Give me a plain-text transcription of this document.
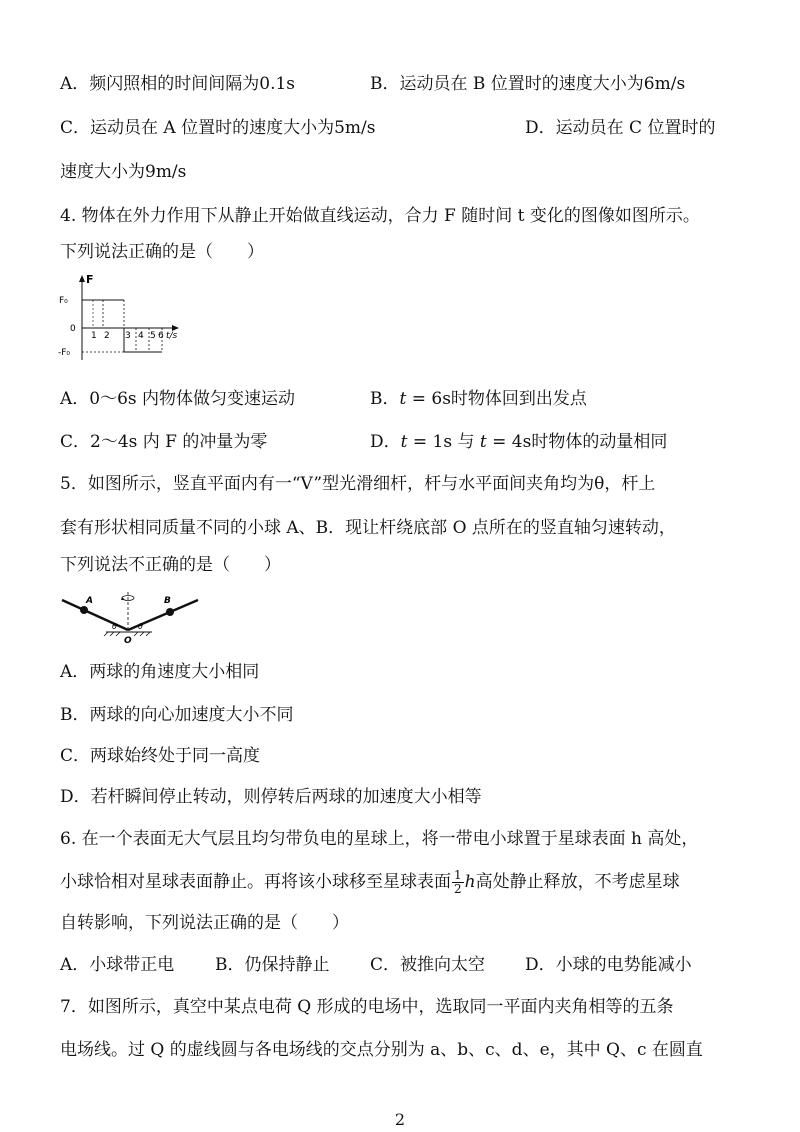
A．频闪照相的时间间隔为0.1s	B．运动员在 B 位置时的速度大小为6m/s
C．运动员在 A 位置时的速度大小为5m/s	D．运动员在 C 位置时的
速度大小为9m/s
4. 物体在外力作用下从静止开始做直线运动，合力 F 随时间 t 变化的图像如图所示。
下列说法正确的是（　　）
F
F₀
0
-F₀
t/s
1 2 3 4 5 6
A．0～6s 内物体做匀变速运动	B．t = 6s时物体回到出发点
C．2～4s 内 F 的冲量为零	D．t = 1s 与 t = 4s时物体的动量相同
5．如图所示，竖直平面内有一“V”型光滑细杆，杆与水平面间夹角均为θ，杆上
套有形状相同质量不同的小球 A、B．现让杆绕底部 O 点所在的竖直轴匀速转动，
下列说法不正确的是（　　）
A	B
O
θ	θ
A．两球的角速度大小相同
B．两球的向心加速度大小不同
C．两球始终处于同一高度
D．若杆瞬间停止转动，则停转后两球的加速度大小相等
6. 在一个表面无大气层且均匀带负电的星球上，将一带电小球置于星球表面 h 高处，
小球恰相对星球表面静止。再将该小球移至星球表面 $\frac{1}{2}$ h高处静止释放，不考虑星球
自转影响，下列说法正确的是（　　）
A．小球带正电 B．仍保持静止 C．被推向太空 D．小球的电势能减小
7．如图所示，真空中某点电荷 Q 形成的电场中，选取同一平面内夹角相等的五条
电场线。过 Q 的虚线圆与各电场线的交点分别为 a、b、c、d、e，其中 Q、c 在圆直
2
